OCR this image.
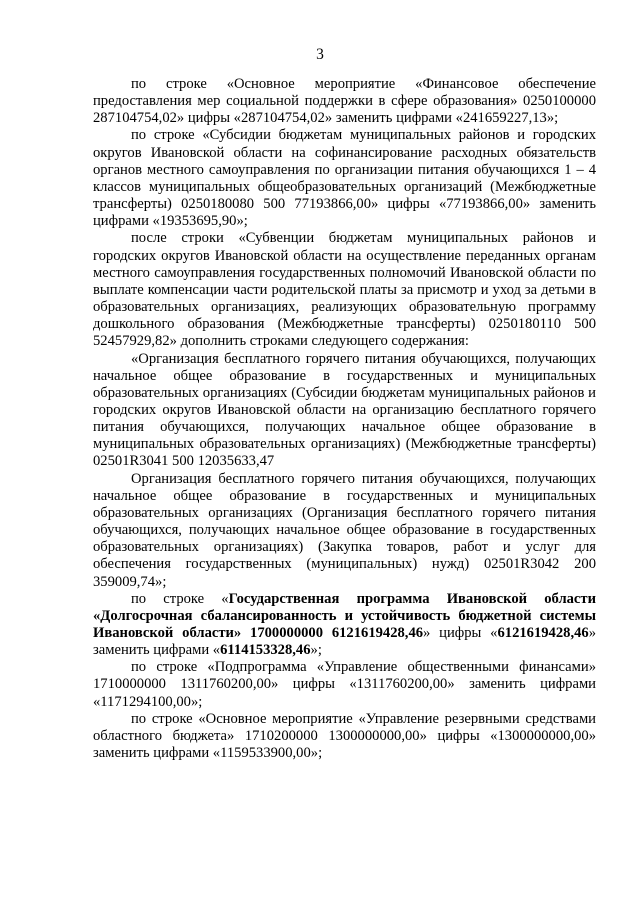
3

по строке «Основное мероприятие «Финансовое обеспечение предоставления мер социальной поддержки в сфере образования» 0250100000 287104754,02» цифры «287104754,02» заменить цифрами «241659227,13»;

по строке «Субсидии бюджетам муниципальных районов и городских округов Ивановской области на софинансирование расходных обязательств органов местного самоуправления по организации питания обучающихся 1 – 4 классов муниципальных общеобразовательных организаций (Межбюджетные трансферты) 0250180080 500 77193866,00» цифры «77193866,00» заменить цифрами «19353695,90»;

после строки «Субвенции бюджетам муниципальных районов и городских округов Ивановской области на осуществление переданных органам местного самоуправления государственных полномочий Ивановской области по выплате компенсации части родительской платы за присмотр и уход за детьми в образовательных организациях, реализующих образовательную программу дошкольного образования (Межбюджетные трансферты) 0250180110 500 52457929,82» дополнить строками следующего содержания:

«Организация бесплатного горячего питания обучающихся, получающих начальное общее образование в государственных и муниципальных образовательных организациях (Субсидии бюджетам муниципальных районов и городских округов Ивановской области на организацию бесплатного горячего питания обучающихся, получающих начальное общее образование в муниципальных образовательных организациях) (Межбюджетные трансферты) 02501R3041 500 12035633,47

Организация бесплатного горячего питания обучающихся, получающих начальное общее образование в государственных и муниципальных образовательных организациях (Организация бесплатного горячего питания обучающихся, получающих начальное общее образование в государственных образовательных организациях) (Закупка товаров, работ и услуг для обеспечения государственных (муниципальных) нужд) 02501R3042 200 359009,74»;

по строке «Государственная программа Ивановской области «Долгосрочная сбалансированность и устойчивость бюджетной системы Ивановской области» 1700000000 6121619428,46» цифры «6121619428,46» заменить цифрами «6114153328,46»;

по строке «Подпрограмма «Управление общественными финансами» 1710000000 1311760200,00» цифры «1311760200,00» заменить цифрами «1171294100,00»;

по строке «Основное мероприятие «Управление резервными средствами областного бюджета» 1710200000 1300000000,00» цифры «1300000000,00» заменить цифрами «1159533900,00»;
